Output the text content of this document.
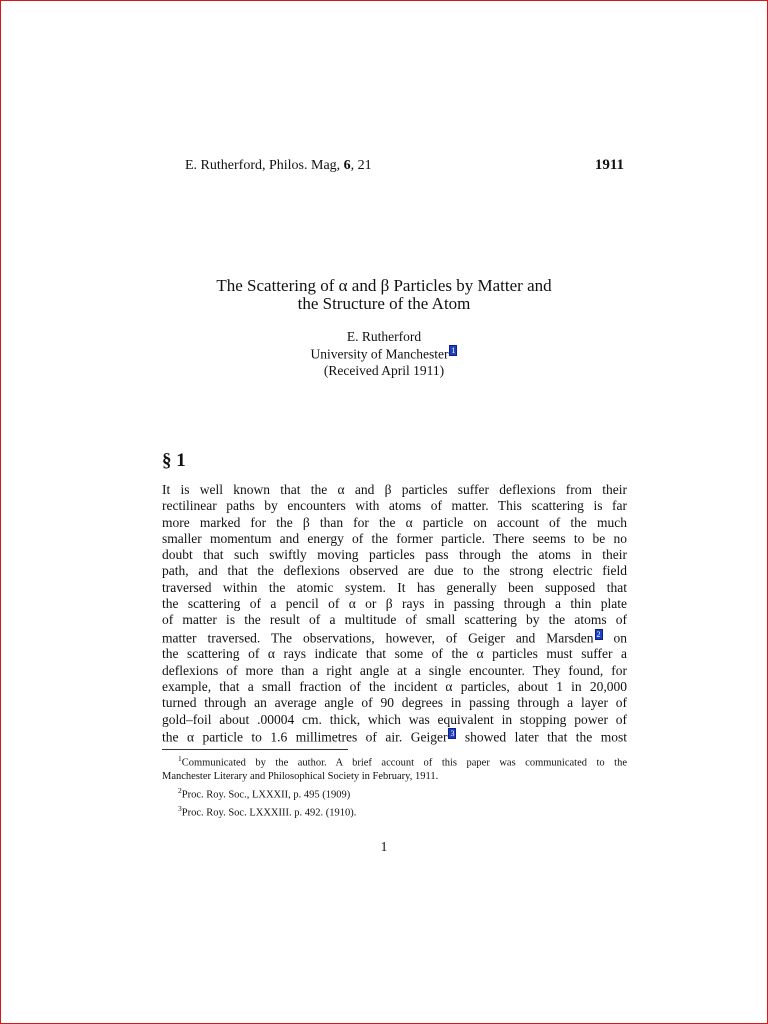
E. Rutherford, Philos. Mag, 6, 21	1911
The Scattering of α and β Particles by Matter and
the Structure of the Atom
E. Rutherford
University of Manchester 1
(Received April 1911)
§ 1
It is well known that the α and β particles suffer deflexions from their
rectilinear paths by encounters with atoms of matter. This scattering is far
more marked for the β than for the α particle on account of the much
smaller momentum and energy of the former particle. There seems to be no
doubt that such swiftly moving particles pass through the atoms in their
path, and that the deflexions observed are due to the strong electric field
traversed within the atomic system. It has generally been supposed that
the scattering of a pencil of α or β rays in passing through a thin plate
of matter is the result of a multitude of small scattering by the atoms of
matter traversed. The observations, however, of Geiger and Marsden 2 on
the scattering of α rays indicate that some of the α particles must suffer a
deflexions of more than a right angle at a single encounter. They found, for
example, that a small fraction of the incident α particles, about 1 in 20,000
turned through an average angle of 90 degrees in passing through a layer of
gold–foil about .00004 cm. thick, which was equivalent in stopping power of
the α particle to 1.6 millimetres of air. Geiger 3 showed later that the most
$^1$Communicated by the author. A brief account of this paper was communicated to the
Manchester Literary and Philosophical Society in February, 1911.
$^2$Proc. Roy. Soc., LXXXII, p. 495 (1909)
$^3$Proc. Roy. Soc. LXXXIII. p. 492. (1910).
1
